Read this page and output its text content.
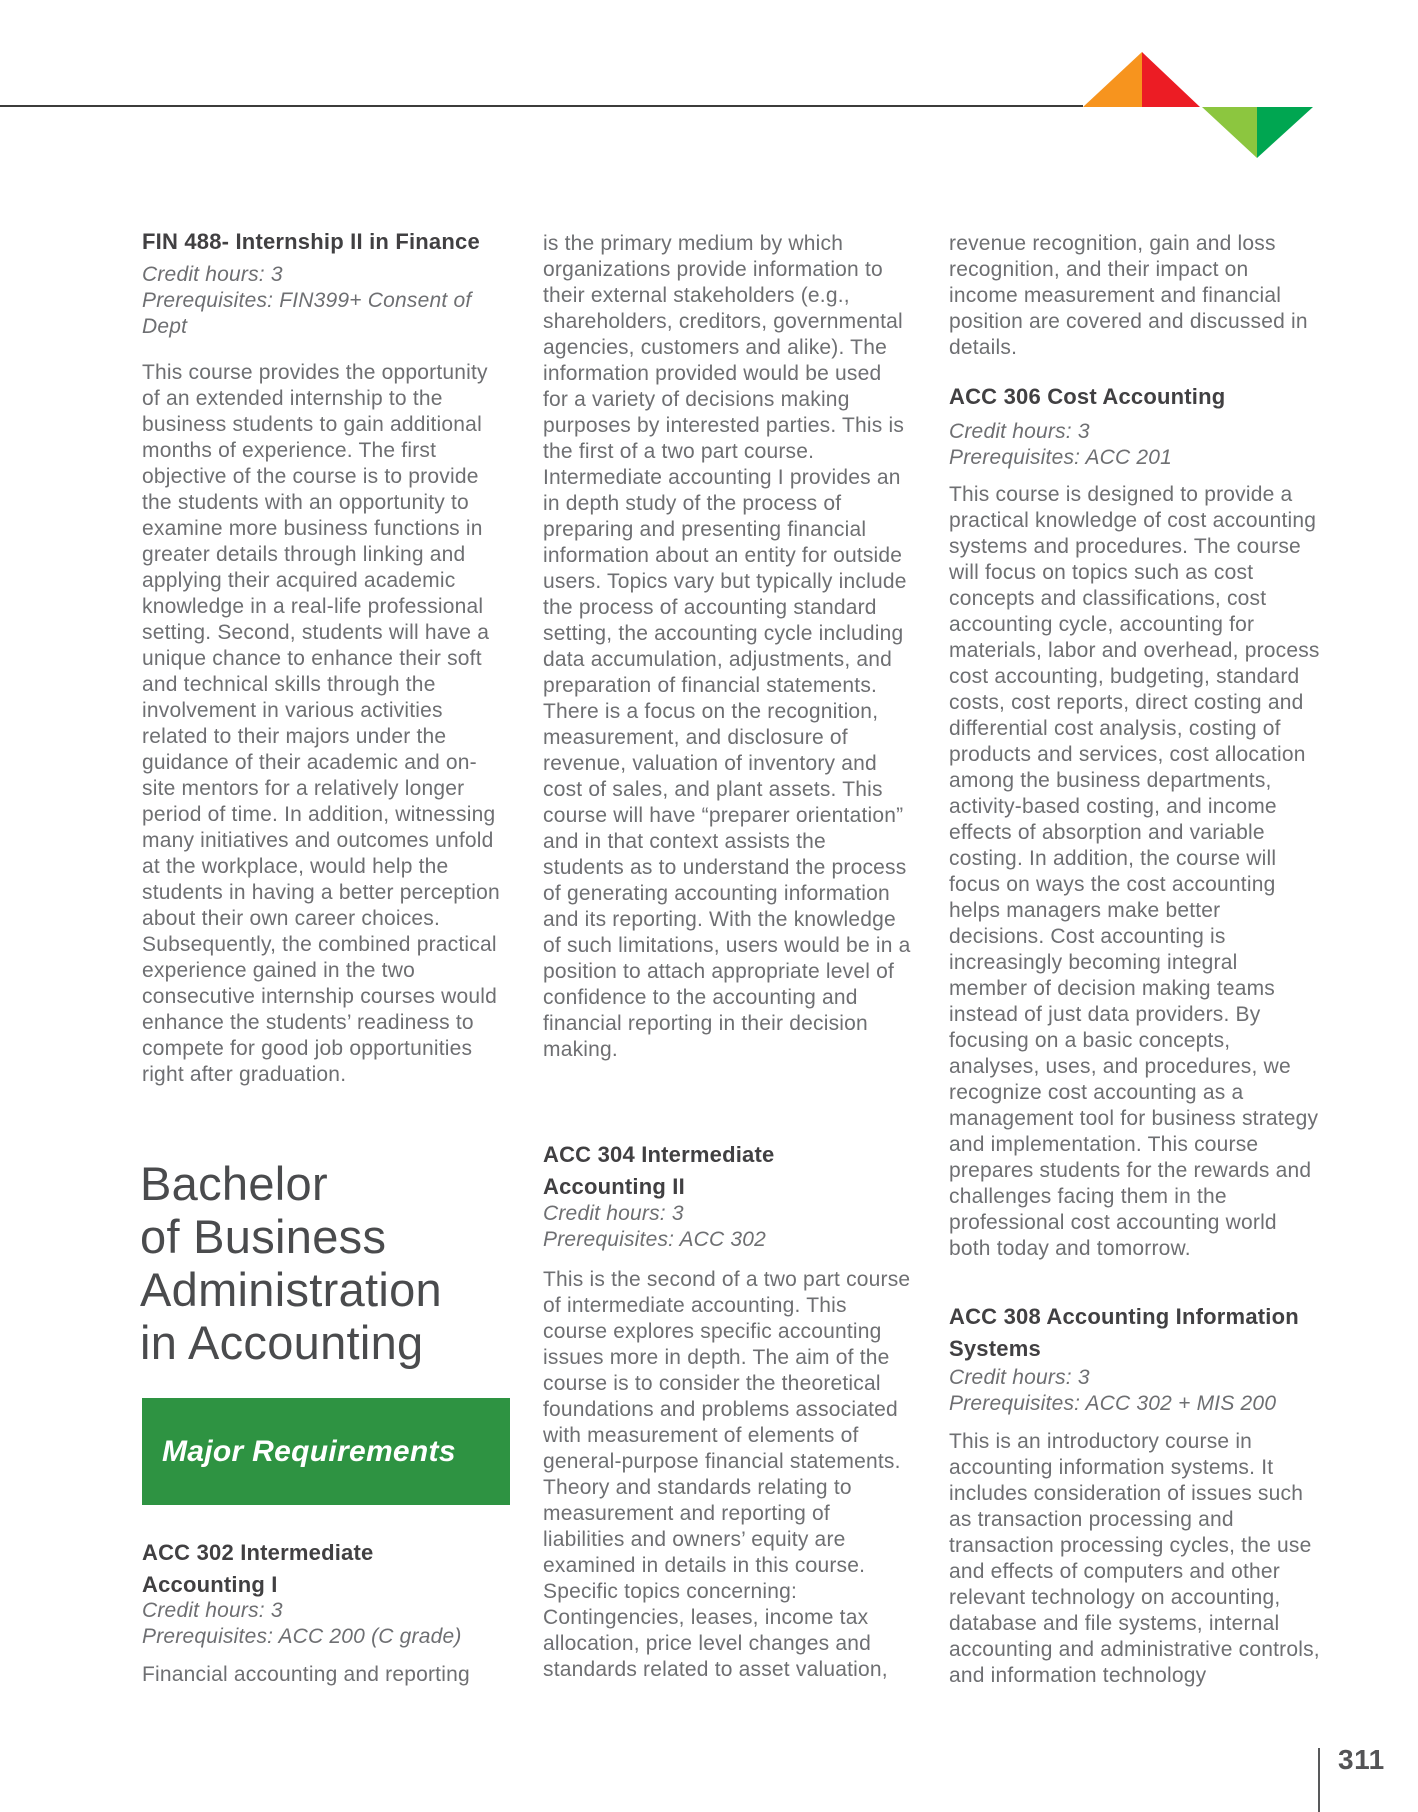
FIN 488- Internship II in Finance
Credit hours: 3
Prerequisites: FIN399+ Consent of Dept
This course provides the opportunity of an extended internship to the business students to gain additional months of experience. The first objective of the course is to provide the students with an opportunity to examine more business functions in greater details through linking and applying their acquired academic knowledge in a real-life professional setting. Second, students will have a unique chance to enhance their soft and technical skills through the involvement in various activities related to their majors under the guidance of their academic and on-site mentors for a relatively longer period of time. In addition, witnessing many initiatives and outcomes unfold at the workplace, would help the students in having a better perception about their own career choices. Subsequently, the combined practical experience gained in the two consecutive internship courses would enhance the students’ readiness to compete for good job opportunities right after graduation.
Bachelor
of Business
Administration
in Accounting
Major Requirements
ACC 302 Intermediate
Accounting I
Credit hours: 3
Prerequisites: ACC 200 (C grade)
Financial accounting and reporting
is the primary medium by which organizations provide information to their external stakeholders (e.g., shareholders, creditors, governmental agencies, customers and alike). The information provided would be used for a variety of decisions making purposes by interested parties. This is the first of a two part course. Intermediate accounting I provides an in depth study of the process of preparing and presenting financial information about an entity for outside users. Topics vary but typically include the process of accounting standard setting, the accounting cycle including data accumulation, adjustments, and preparation of financial statements. There is a focus on the recognition, measurement, and disclosure of revenue, valuation of inventory and cost of sales, and plant assets. This course will have “preparer orientation” and in that context assists the students as to understand the process of generating accounting information and its reporting. With the knowledge of such limitations, users would be in a position to attach appropriate level of confidence to the accounting and financial reporting in their decision making.
ACC 304 Intermediate
Accounting II
Credit hours: 3
Prerequisites: ACC 302
This is the second of a two part course of intermediate accounting. This course explores specific accounting issues more in depth. The aim of the course is to consider the theoretical foundations and problems associated with measurement of elements of general-purpose financial statements. Theory and standards relating to measurement and reporting of liabilities and owners’ equity are examined in details in this course. Specific topics concerning: Contingencies, leases, income tax allocation, price level changes and standards related to asset valuation,
revenue recognition, gain and loss recognition, and their impact on income measurement and financial position are covered and discussed in details.
ACC 306 Cost Accounting
Credit hours: 3
Prerequisites: ACC 201
This course is designed to provide a practical knowledge of cost accounting systems and procedures. The course will focus on topics such as cost concepts and classifications, cost accounting cycle, accounting for materials, labor and overhead, process cost accounting, budgeting, standard costs, cost reports, direct costing and differential cost analysis, costing of products and services, cost allocation among the business departments, activity-based costing, and income effects of absorption and variable costing. In addition, the course will focus on ways the cost accounting helps managers make better decisions. Cost accounting is increasingly becoming integral member of decision making teams instead of just data providers. By focusing on a basic concepts, analyses, uses, and procedures, we recognize cost accounting as a management tool for business strategy and implementation. This course prepares students for the rewards and challenges facing them in the professional cost accounting world both today and tomorrow.
ACC 308 Accounting Information
Systems
Credit hours: 3
Prerequisites: ACC 302 + MIS 200
This is an introductory course in accounting information systems. It includes consideration of issues such as transaction processing and transaction processing cycles, the use and effects of computers and other relevant technology on accounting, database and file systems, internal accounting and administrative controls, and information technology
311
